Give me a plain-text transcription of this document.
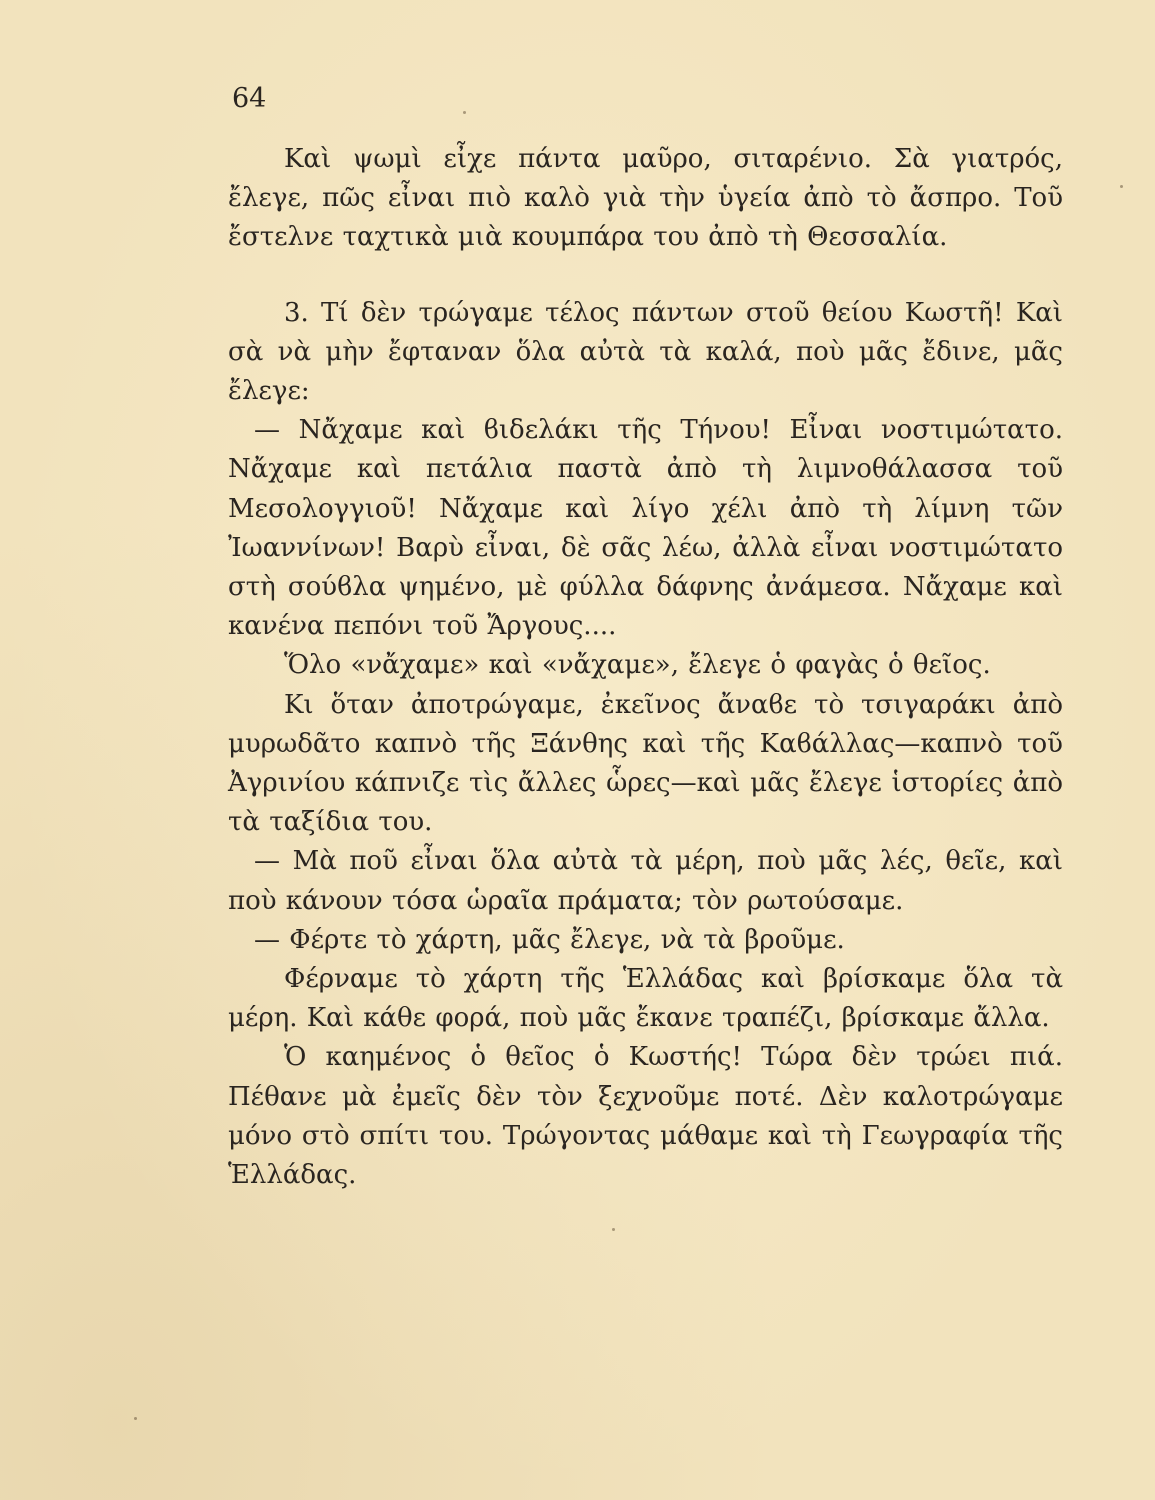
64

Καὶ ψωμὶ εἶχε πάντα μαῦρο, σιταρένιο. Σὰ γιατρός, ἔλεγε, πῶς εἶναι πιὸ καλὸ γιὰ τὴν ὑγεία ἀπὸ τὸ ἄσπρο. Τοῦ ἔστελνε ταχτικὰ μιὰ κουμπάρα του ἀπὸ τὴ Θεσσαλία.

3. Τί δὲν τρώγαμε τέλος πάντων στοῦ θείου Κωστῆ! Καὶ σὰ νὰ μὴν ἔφταναν ὅλα αὐτὰ τὰ καλά, ποὺ μᾶς ἔδινε, μᾶς ἔλεγε:

— Νἄχαμε καὶ ϐιδελάκι τῆς Τήνου! Εἶναι νοστιμώτατο. Νἄχαμε καὶ πετάλια παστὰ ἀπὸ τὴ λιμνοθάλασσα τοῦ Μεσολογγιοῦ! Νἄχαμε καὶ λίγο χέλι ἀπὸ τὴ λίμνη τῶν Ἰωαννίνων! Βαρὺ εἶναι, δὲ σᾶς λέω, ἀλλὰ εἶναι νοστιμώτατο στὴ σούϐλα ψημένο, μὲ φύλλα δάφνης ἀνάμεσα. Νἄχαμε καὶ κανένα πεπόνι τοῦ Ἄργους....

Ὅλο «νἄχαμε» καὶ «νἄχαμε», ἔλεγε ὁ φαγὰς ὁ θεῖος.

Κι ὅταν ἀποτρώγαμε, ἐκεῖνος ἄναϐε τὸ τσιγαράκι ἀπὸ μυρωδᾶτο καπνὸ τῆς Ξάνθης καὶ τῆς Καϐάλλας—καπνὸ τοῦ Ἀγρινίου κάπνιζε τὶς ἄλλες ὧρες—καὶ μᾶς ἔλεγε ἱστορίες ἀπὸ τὰ ταξίδια του.

— Μὰ ποῦ εἶναι ὅλα αὐτὰ τὰ μέρη, ποὺ μᾶς λές, θεῖε, καὶ ποὺ κάνουν τόσα ὡραῖα πράματα; τὸν ρωτούσαμε.

— Φέρτε τὸ χάρτη, μᾶς ἔλεγε, νὰ τὰ βροῦμε.

Φέρναμε τὸ χάρτη τῆς Ἑλλάδας καὶ βρίσκαμε ὅλα τὰ μέρη. Καὶ κάθε φορά, ποὺ μᾶς ἔκανε τραπέζι, βρίσκαμε ἄλλα.

Ὁ καημένος ὁ θεῖος ὁ Κωστής! Τώρα δὲν τρώει πιά. Πέθανε μὰ ἐμεῖς δὲν τὸν ξεχνοῦμε ποτέ. Δὲν καλοτρώγαμε μόνο στὸ σπίτι του. Τρώγοντας μάθαμε καὶ τὴ Γεωγραφία τῆς Ἑλλάδας.
